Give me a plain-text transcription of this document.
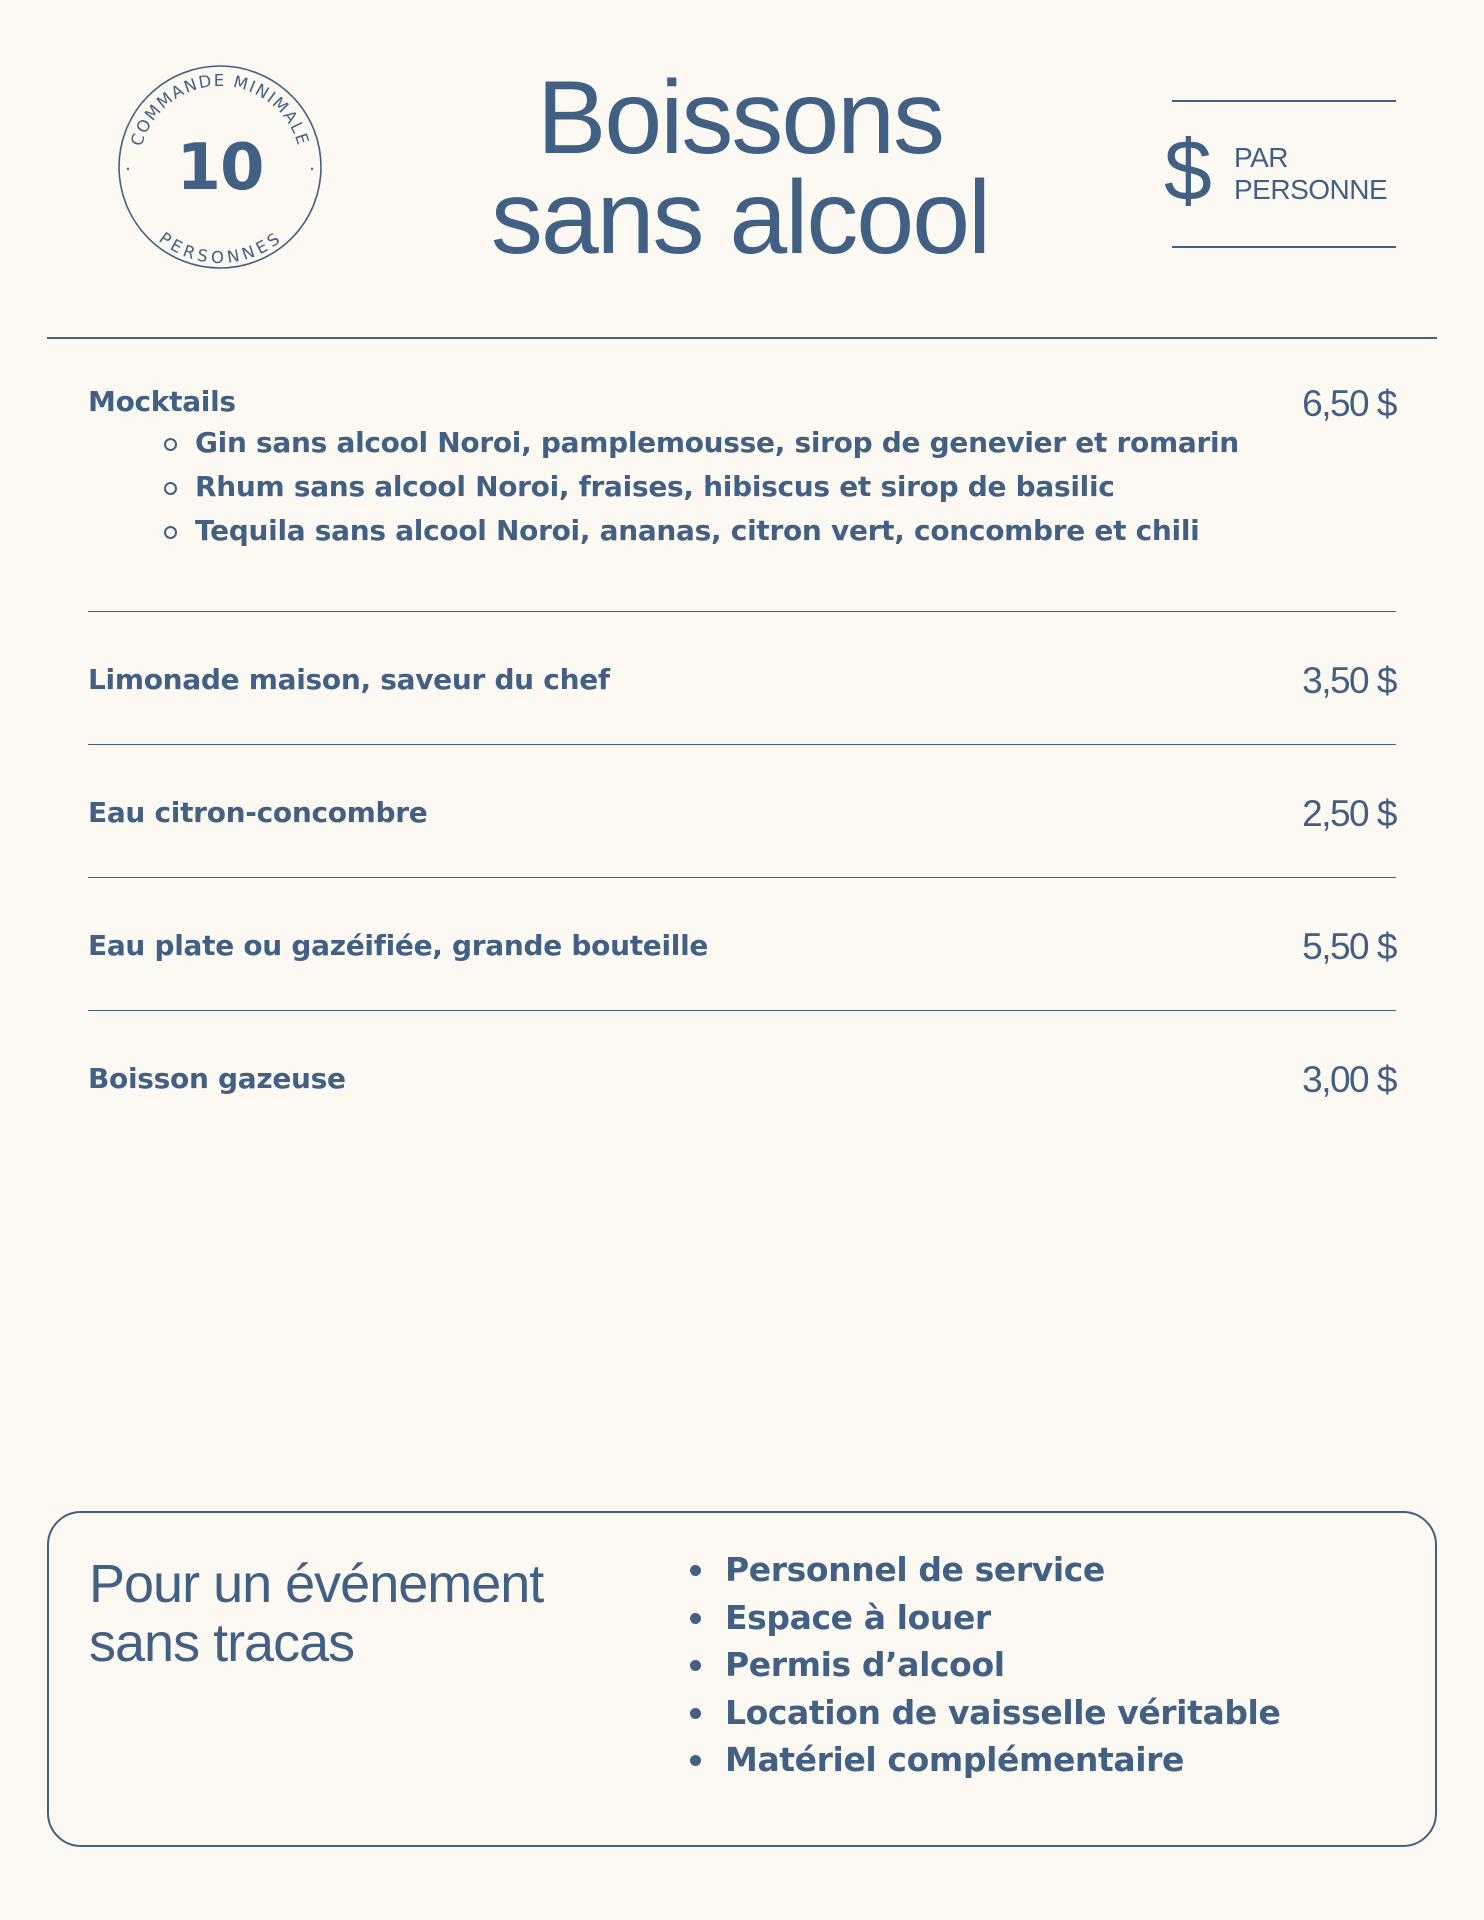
COMMANDE MINIMALE
PERSONNES
·	·
10	Boissons
sans alcool	$ PAR
PERSONNE
Mocktails	6,50 $
Gin sans alcool Noroi, pamplemousse, sirop de genevier et romarin
Rhum sans alcool Noroi, fraises, hibiscus et sirop de basilic
Tequila sans alcool Noroi, ananas, citron vert, concombre et chili
Limonade maison, saveur du chef	3,50 $
Eau citron-concombre	2,50 $
Eau plate ou gazéifiée, grande bouteille	5,50 $
Boisson gazeuse	3,00 $
Pour un événement
sans tracas
Personnel de service
Espace à louer
Permis d’alcool
Location de vaisselle véritable
Matériel complémentaire
